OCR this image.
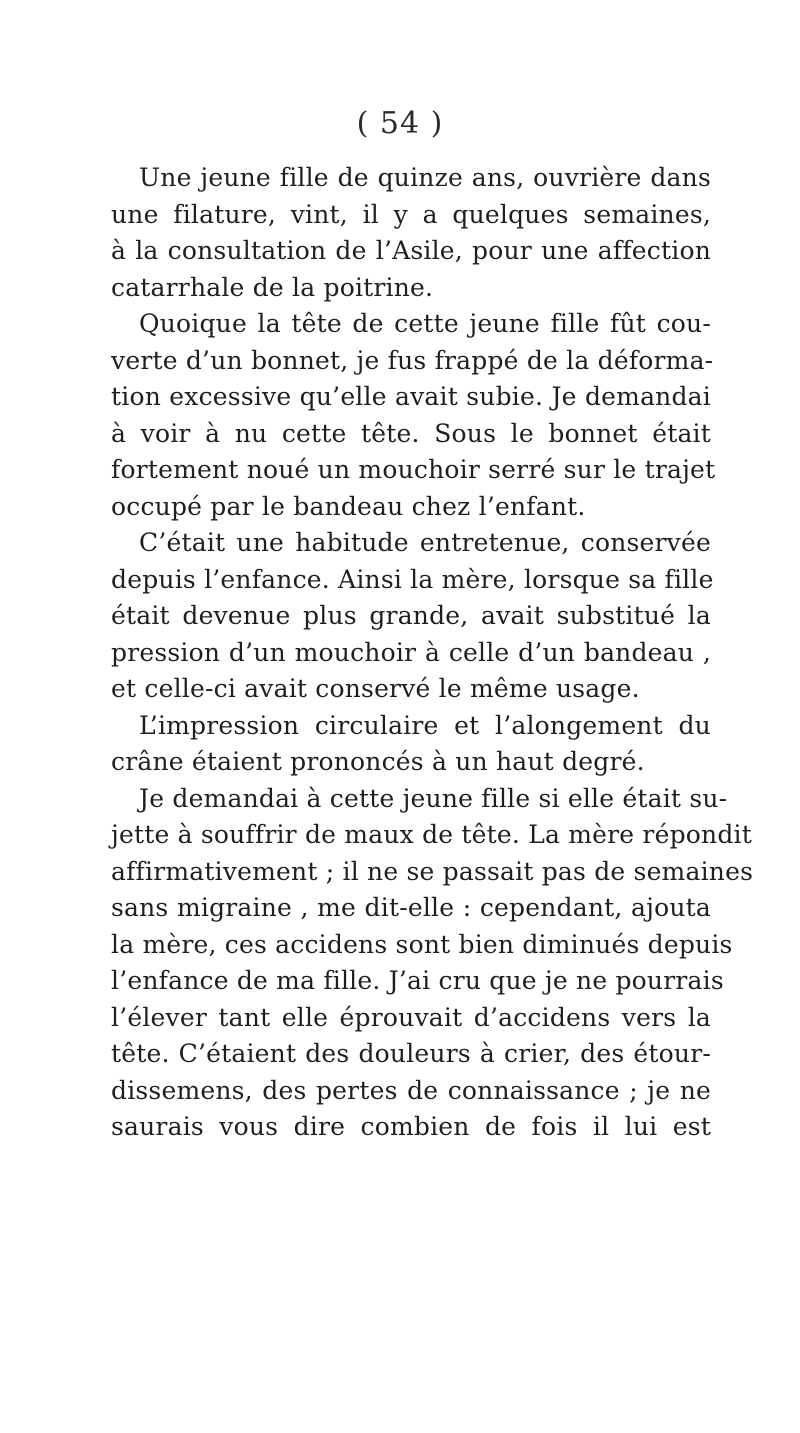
( 54 )
Une jeune fille de quinze ans, ouvrière dans
une filature, vint, il y a quelques semaines,
à la consultation de l’Asile, pour une affection
catarrhale de la poitrine.
Quoique la tête de cette jeune fille fût cou-
verte d’un bonnet, je fus frappé de la déforma-
tion excessive qu’elle avait subie. Je demandai
à voir à nu cette tête. Sous le bonnet était
fortement noué un mouchoir serré sur le trajet
occupé par le bandeau chez l’enfant.
C’était une habitude entretenue, conservée
depuis l’enfance. Ainsi la mère, lorsque sa fille
était devenue plus grande, avait substitué la
pression d’un mouchoir à celle d’un bandeau ,
et celle-ci avait conservé le même usage.
L’impression circulaire et l’alongement du
crâne étaient prononcés à un haut degré.
Je demandai à cette jeune fille si elle était su-
jette à souffrir de maux de tête. La mère répondit
affirmativement ; il ne se passait pas de semaines
sans migraine , me dit-elle : cependant, ajouta
la mère, ces accidens sont bien diminués depuis
l’enfance de ma fille. J’ai cru que je ne pourrais
l’élever tant elle éprouvait d’accidens vers la
tête. C’étaient des douleurs à crier, des étour-
dissemens, des pertes de connaissance ; je ne
saurais vous dire combien de fois il lui est
